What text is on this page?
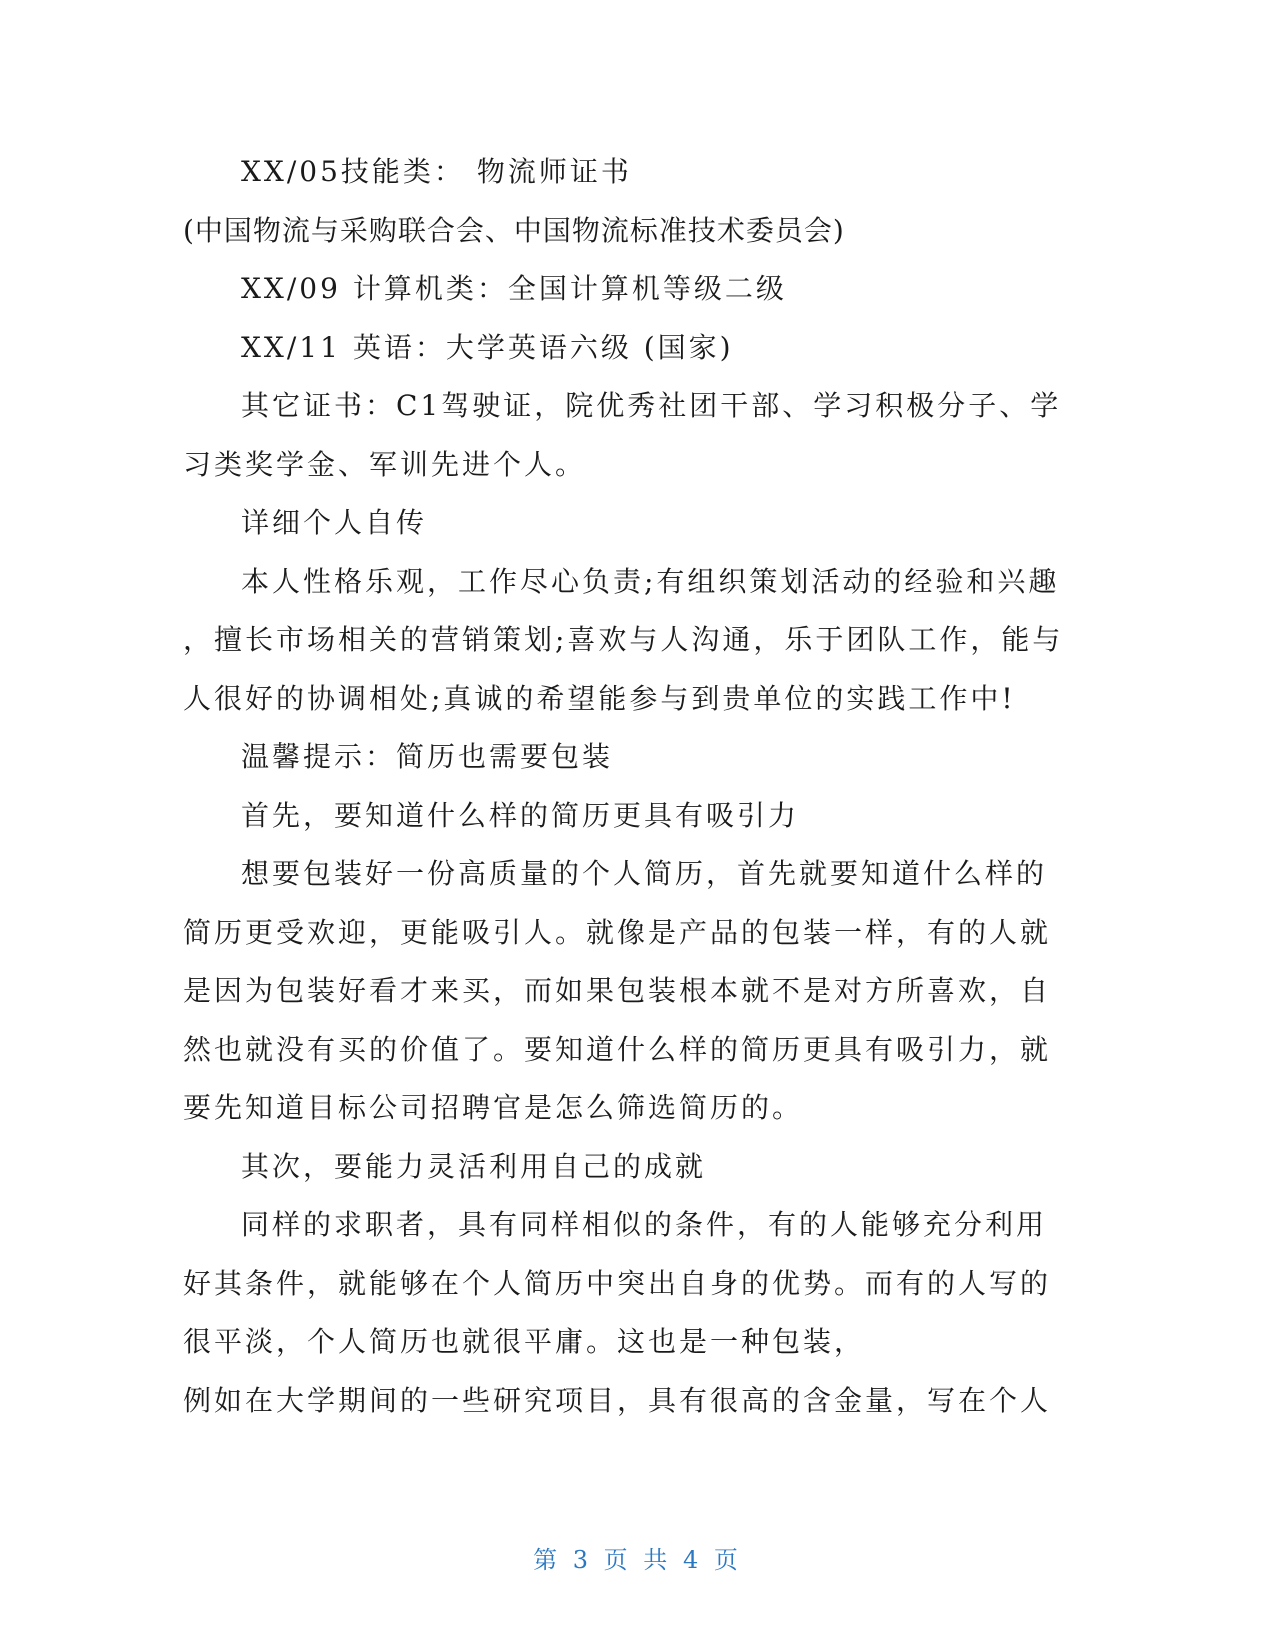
XX/05技能类： 物流师证书
(中国物流与采购联合会、中国物流标准技术委员会)
XX/09 计算机类：全国计算机等级二级
XX/11 英语：大学英语六级 (国家)
其它证书：C1驾驶证，院优秀社团干部、学习积极分子、学
习类奖学金、军训先进个人。
详细个人自传
本人性格乐观，工作尽心负责;有组织策划活动的经验和兴趣
，擅长市场相关的营销策划;喜欢与人沟通，乐于团队工作，能与
人很好的协调相处;真诚的希望能参与到贵单位的实践工作中!
温馨提示：简历也需要包装
首先，要知道什么样的简历更具有吸引力
想要包装好一份高质量的个人简历，首先就要知道什么样的
简历更受欢迎，更能吸引人。就像是产品的包装一样，有的人就
是因为包装好看才来买，而如果包装根本就不是对方所喜欢，自
然也就没有买的价值了。要知道什么样的简历更具有吸引力，就
要先知道目标公司招聘官是怎么筛选简历的。
其次，要能力灵活利用自己的成就
同样的求职者，具有同样相似的条件，有的人能够充分利用
好其条件，就能够在个人简历中突出自身的优势。而有的人写的
很平淡，个人简历也就很平庸。这也是一种包装，
例如在大学期间的一些研究项目，具有很高的含金量，写在个人
第 3 页 共 4 页
